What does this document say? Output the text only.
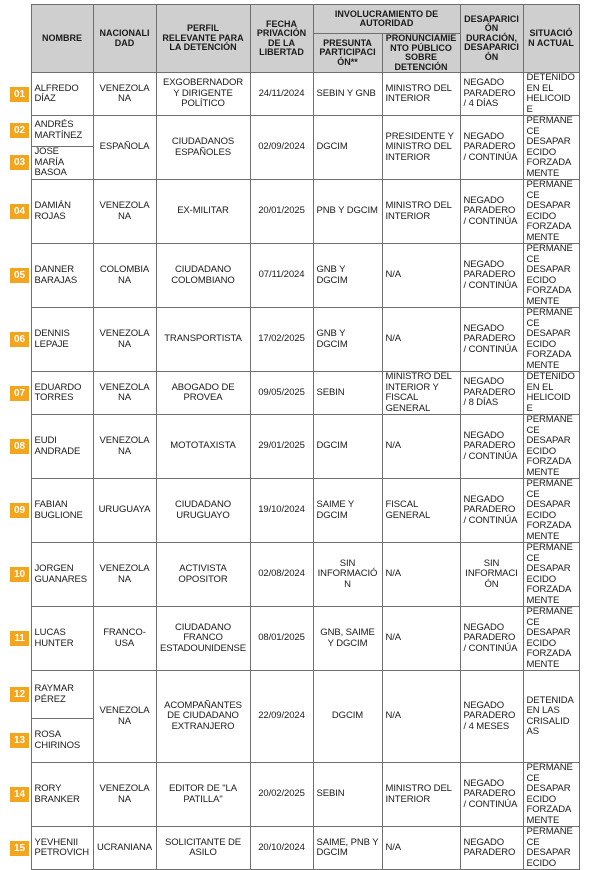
	NOMBRE	NACIONALIDAD	PERFIL RELEVANTE PARA LA DETENCIÓN	FECHA PRIVACIÓN DE LA LIBERTAD	INVOLUCRAMIENTO DE AUTORIDAD		DESAPARICIÓN DURACIÓN, DESAPARICIÓN	SITUACIÓN ACTUAL
					PRESUNTA PARTICIPACIÓN**	PRONUNCIAMIENTO PÚBLICO SOBRE DETENCIÓN		
01	ALFREDO DÍAZ	VENEZOLANA	EXGOBERNADOR Y DIRIGENTE POLÍTICO	24/11/2024	SEBIN Y GNB	MINISTRO DEL INTERIOR	NEGADO PARADERO / 4 DÍAS	DETENIDO EN EL HELICOIDE
02	ANDRÉS MARTÍNEZ	ESPAÑOLA	CIUDADANOS ESPAÑOLES	02/09/2024	DGCIM	PRESIDENTE Y MINISTRO DEL INTERIOR	NEGADO PARADERO / CONTINÚA	PERMANECE DESAPARECIDO FORZADAMENTE
03	JOSE MARÍA BASOA							
04	DAMIÁN ROJAS	VENEZOLANA	EX-MILITAR	20/01/2025	PNB Y DGCIM	MINISTRO DEL INTERIOR	NEGADO PARADERO / CONTINÚA	PERMANECE DESAPARECIDO FORZADAMENTE
05	DANNER BARAJAS	COLOMBIANA	CIUDADANO COLOMBIANO	07/11/2024	GNB Y DGCIM	N/A	NEGADO PARADERO / CONTINÚA	PERMANECE DESAPARECIDO FORZADAMENTE
06	DENNIS LEPAJE	VENEZOLANA	TRANSPORTISTA	17/02/2025	GNB Y DGCIM	N/A	NEGADO PARADERO / CONTINÚA	PERMANECE DESAPARECIDO FORZADAMENTE
07	EDUARDO TORRES	VENEZOLANA	ABOGADO DE PROVEA	09/05/2025	SEBIN	MINISTRO DEL INTERIOR Y FISCAL GENERAL	NEGADO PARADERO / 8 DÍAS	DETENIDO EN EL HELICOIDE
08	EUDI ANDRADE	VENEZOLANA	MOTOTAXISTA	29/01/2025	DGCIM	N/A	NEGADO PARADERO / CONTINÚA	PERMANECE DESAPARECIDO FORZADAMENTE
09	FABIAN BUGLIONE	URUGUAYA	CIUDADANO URUGUAYO	19/10/2024	SAIME Y DGCIM	FISCAL GENERAL	NEGADO PARADERO / CONTINÚA	PERMANECE DESAPARECIDO FORZADAMENTE
10	JORGEN GUANARES	VENEZOLANA	ACTIVISTA OPOSITOR	02/08/2024	SIN INFORMACIÓN	N/A	SIN INFORMACIÓN	PERMANECE DESAPARECIDO FORZADAMENTE
11	LUCAS HUNTER	FRANCO-USA	CIUDADANO FRANCO ESTADOUNIDENSE	08/01/2025	GNB, SAIME Y DGCIM	N/A	NEGADO PARADERO / CONTINÚA	PERMANECE DESAPARECIDO FORZADAMENTE
12	RAYMAR PÉREZ	VENEZOLANA	ACOMPAÑANTES DE CIUDADANO EXTRANJERO	22/09/2024	DGCIM	N/A	NEGADO PARADERO / 4 MESES	DETENIDA EN LAS CRISALIDAS
13	ROSA CHIRINOS							
14	RORY BRANKER	VENEZOLANA	EDITOR DE "LA PATILLA"	20/02/2025	SEBIN	MINISTRO DEL INTERIOR	NEGADO PARADERO / CONTINÚA	PERMANECE DESAPARECIDO FORZADAMENTE
15	YEVHENII PETROVICH	UCRANIANA	SOLICITANTE DE ASILO	20/10/2024	SAIME, PNB Y DGCIM	N/A	NEGADO PARADERO	PERMANECE DESAPARECIDO
